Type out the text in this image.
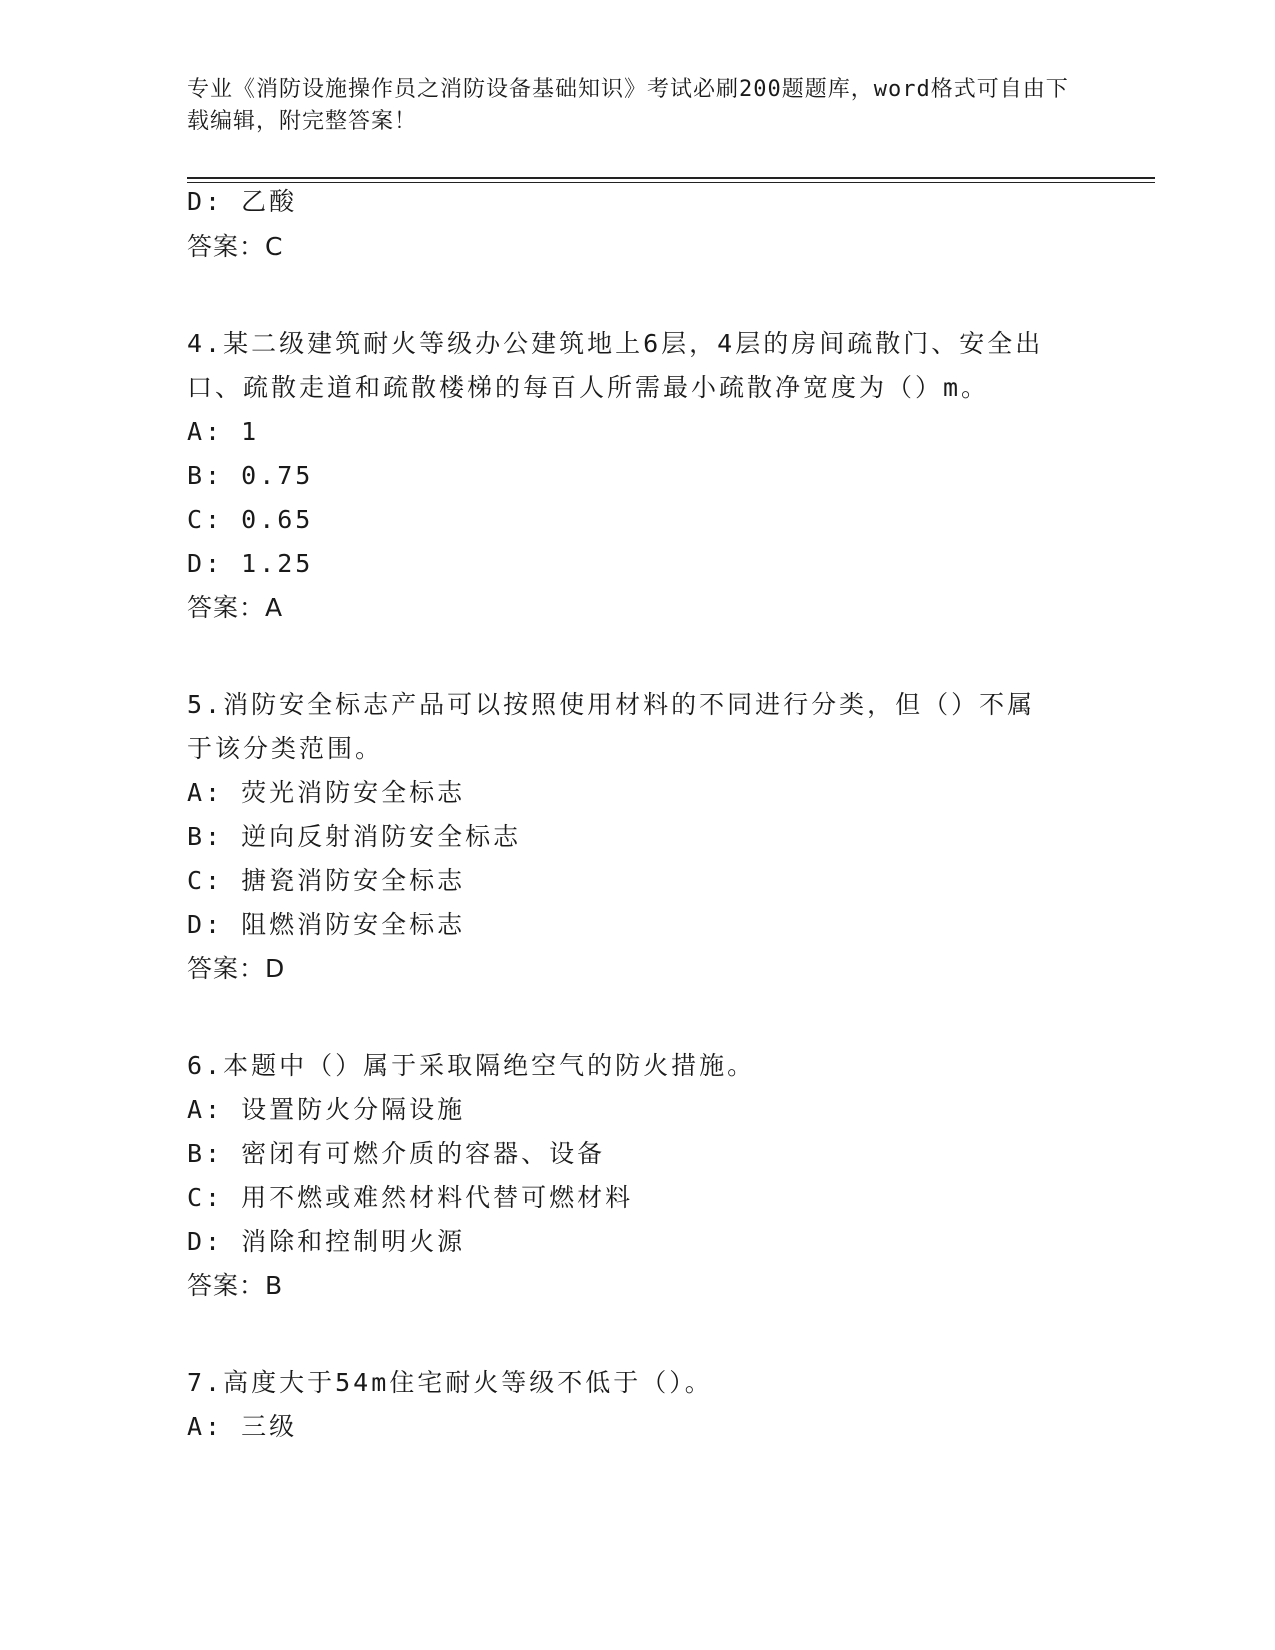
专业《消防设施操作员之消防设备基础知识》考试必刷200题题库，word格式可自由下载编辑，附完整答案！
D: 乙酸
答案：C
4.某二级建筑耐火等级办公建筑地上6层，4层的房间疏散门、安全出
口、疏散走道和疏散楼梯的每百人所需最小疏散净宽度为（）m。
A: 1
B: 0.75
C: 0.65
D: 1.25
答案：A
5.消防安全标志产品可以按照使用材料的不同进行分类，但（）不属
于该分类范围。
A: 荧光消防安全标志
B: 逆向反射消防安全标志
C: 搪瓷消防安全标志
D: 阻燃消防安全标志
答案：D
6.本题中（）属于采取隔绝空气的防火措施。
A: 设置防火分隔设施
B: 密闭有可燃介质的容器、设备
C: 用不燃或难然材料代替可燃材料
D: 消除和控制明火源
答案：B
7.高度大于54m住宅耐火等级不低于（）。
A: 三级
